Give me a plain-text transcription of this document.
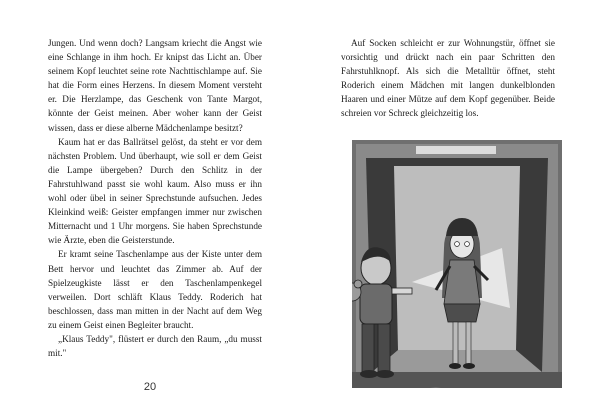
Jungen. Und wenn doch? Langsam kriecht die Angst wie eine Schlange in ihm hoch. Er knipst das Licht an. Über seinem Kopf leuchtet seine rote Nachttischlampe auf. Sie hat die Form eines Herzens. In diesem Moment versteht er. Die Herzlampe, das Geschenk von Tante Margot, könnte der Geist meinen. Aber woher kann der Geist wissen, dass er diese alberne Mädchenlampe besitzt?

Kaum hat er das Ballrätsel gelöst, da steht er vor dem nächsten Problem. Und überhaupt, wie soll er dem Geist die Lampe übergeben? Durch den Schlitz in der Fahrstuhlwand passt sie wohl kaum. Also muss er ihn wohl oder übel in seiner Sprechstunde aufsuchen. Jedes Kleinkind weiß: Geister empfangen immer nur zwischen Mitternacht und 1 Uhr morgens. Sie haben Sprechstunde wie Ärzte, eben die Geisterstunde.

Er kramt seine Taschenlampe aus der Kiste unter dem Bett hervor und leuchtet das Zimmer ab. Auf der Spielzeugkiste lässt er den Taschenlampenkegel verweilen. Dort schläft Klaus Teddy. Roderich hat beschlossen, dass man mitten in der Nacht auf dem Weg zu einem Geist einen Begleiter braucht.

„Klaus Teddy", flüstert er durch den Raum, „du musst mit."

20

Auf Socken schleicht er zur Wohnungstür, öffnet sie vorsichtig und drückt nach ein paar Schritten den Fahrstuhlknopf. Als sich die Metalltür öffnet, steht Roderich einem Mädchen mit langen dunkelblonden Haaren und einer Mütze auf dem Kopf gegenüber. Beide schreien vor Schreck gleichzeitig los.
